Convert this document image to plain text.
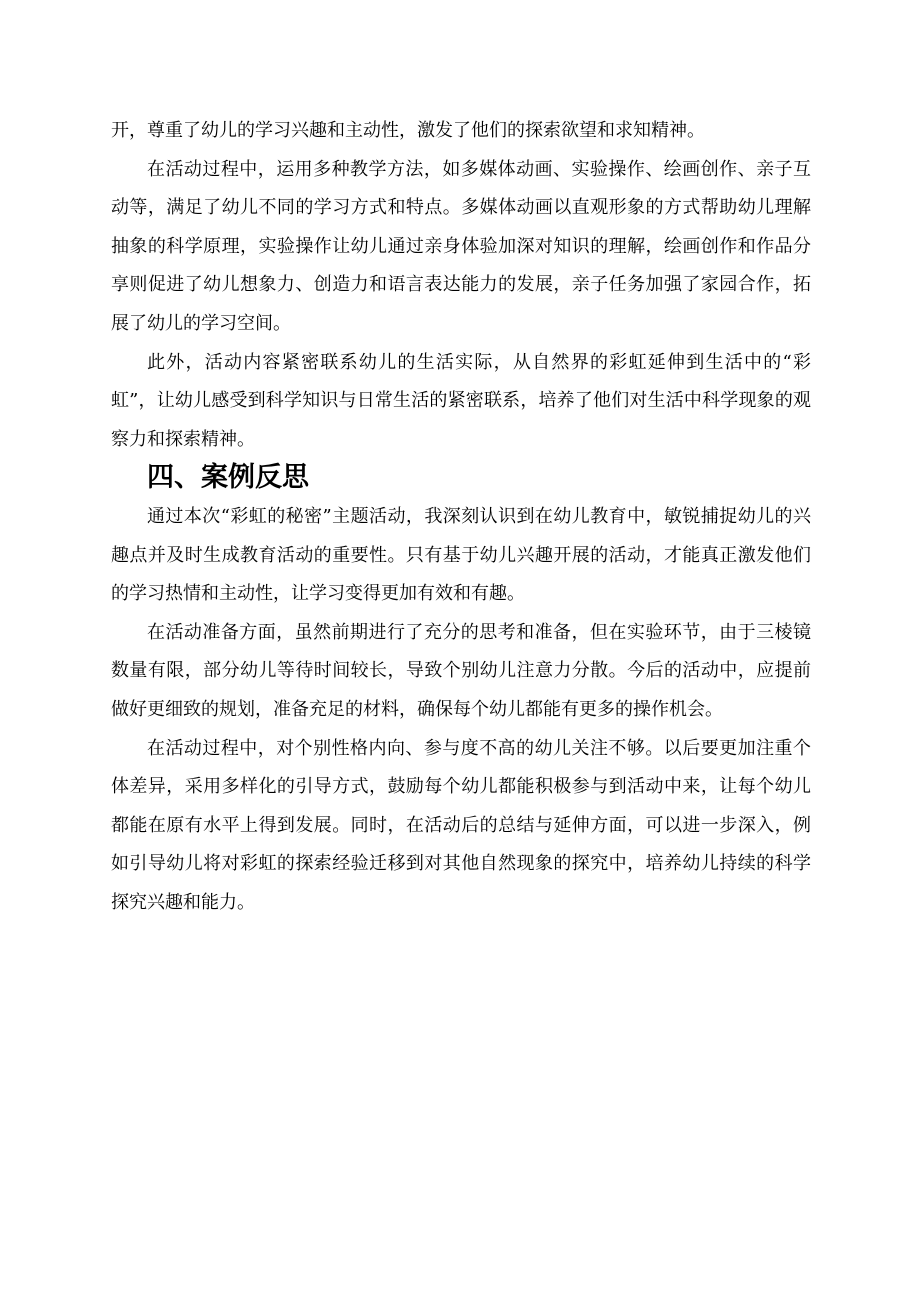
开，尊重了幼儿的学习兴趣和主动性，激发了他们的探索欲望和求知精神。

在活动过程中，运用多种教学方法，如多媒体动画、实验操作、绘画创作、亲子互动等，满足了幼儿不同的学习方式和特点。多媒体动画以直观形象的方式帮助幼儿理解抽象的科学原理，实验操作让幼儿通过亲身体验加深对知识的理解，绘画创作和作品分享则促进了幼儿想象力、创造力和语言表达能力的发展，亲子任务加强了家园合作，拓展了幼儿的学习空间。

此外，活动内容紧密联系幼儿的生活实际，从自然界的彩虹延伸到生活中的“彩虹”，让幼儿感受到科学知识与日常生活的紧密联系，培养了他们对生活中科学现象的观察力和探索精神。

四、案例反思

通过本次“彩虹的秘密”主题活动，我深刻认识到在幼儿教育中，敏锐捕捉幼儿的兴趣点并及时生成教育活动的重要性。只有基于幼儿兴趣开展的活动，才能真正激发他们的学习热情和主动性，让学习变得更加有效和有趣。

在活动准备方面，虽然前期进行了充分的思考和准备，但在实验环节，由于三棱镜数量有限，部分幼儿等待时间较长，导致个别幼儿注意力分散。今后的活动中，应提前做好更细致的规划，准备充足的材料，确保每个幼儿都能有更多的操作机会。

在活动过程中，对个别性格内向、参与度不高的幼儿关注不够。以后要更加注重个体差异，采用多样化的引导方式，鼓励每个幼儿都能积极参与到活动中来，让每个幼儿都能在原有水平上得到发展。同时，在活动后的总结与延伸方面，可以进一步深入，例如引导幼儿将对彩虹的探索经验迁移到对其他自然现象的探究中，培养幼儿持续的科学探究兴趣和能力。
